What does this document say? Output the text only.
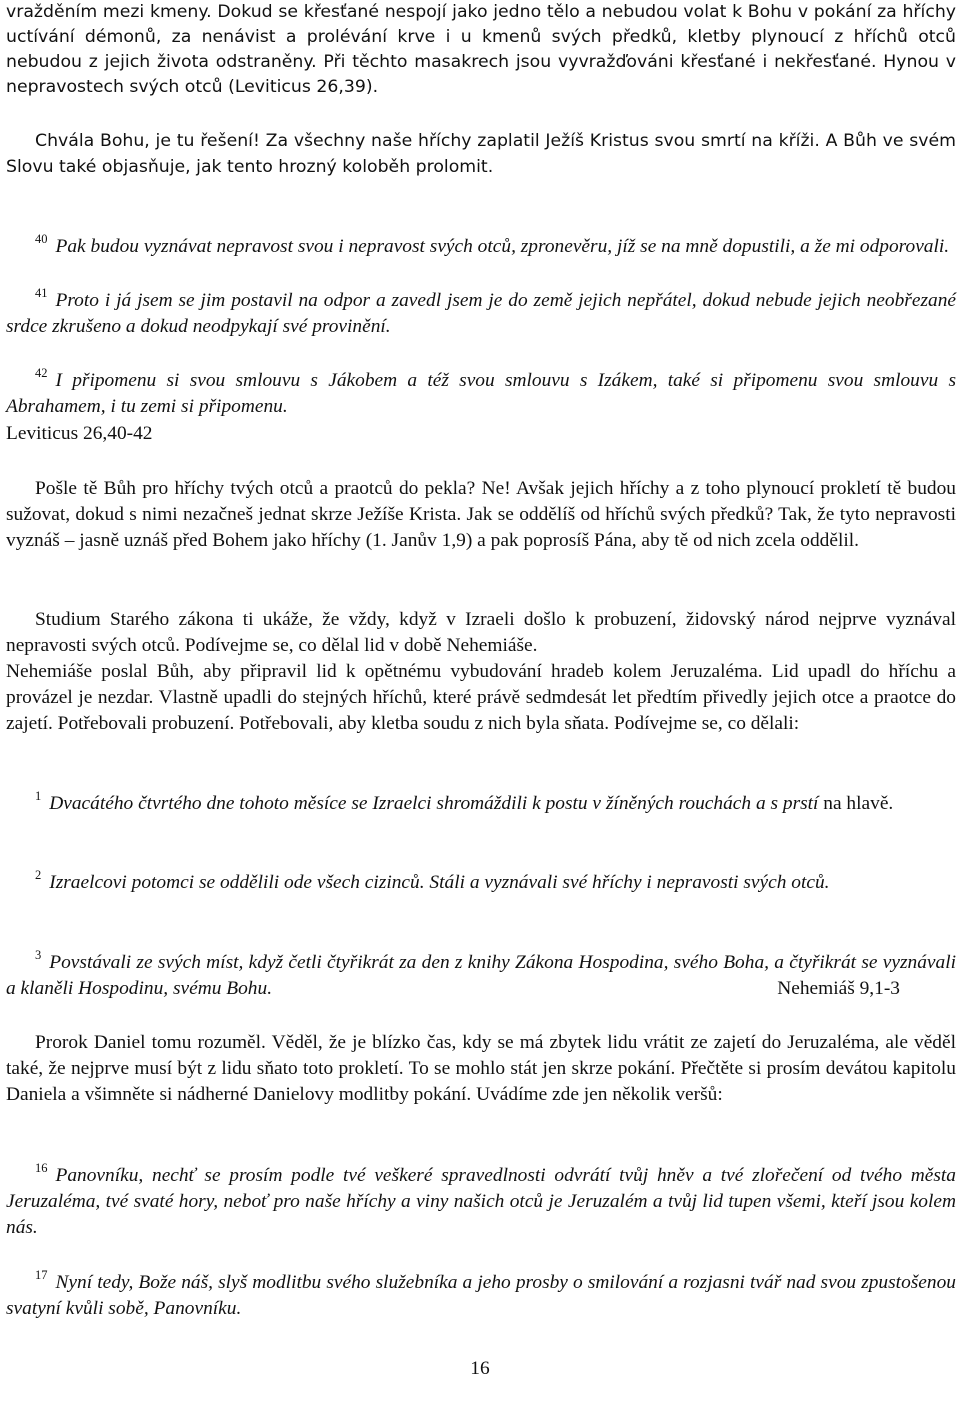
vražděním mezi kmeny. Dokud se křesťané nespojí jako jedno tělo a nebudou volat k Bohu v pokání za hříchy uctívání démonů, za nenávist a prolévání krve i u kmenů svých předků, kletby plynoucí z hříchů otců nebudou z jejich života odstraněny. Při těchto masakrech jsou vyvražďováni křesťané i nekřesťané. Hynou v nepravostech svých otců (Leviticus 26,39).

Chvála Bohu, je tu řešení! Za všechny naše hříchy zaplatil Ježíš Kristus svou smrtí na kříži. A Bůh ve svém Slovu také objasňuje, jak tento hrozný koloběh prolomit.

$^{40}$ Pak budou vyznávat nepravost svou i nepravost svých otců, zpronevěru, jíž se na mně dopustili, a že mi odporovali.

$^{41}$ Proto i já jsem se jim postavil na odpor a zavedl jsem je do země jejich nepřátel, dokud nebude jejich neobřezané srdce zkrušeno a dokud neodpykají své provinění.

$^{42}$ I připomenu si svou smlouvu s Jákobem a též svou smlouvu s Izákem, také si připomenu svou smlouvu s Abrahamem, i tu zemi si připomenu.

Leviticus 26,40-42

Pošle tě Bůh pro hříchy tvých otců a praotců do pekla? Ne! Avšak jejich hříchy a z toho plynoucí prokletí tě budou sužovat, dokud s nimi nezačneš jednat skrze Ježíše Krista. Jak se oddělíš od hříchů svých předků? Tak, že tyto nepravosti vyznáš – jasně uznáš před Bohem jako hříchy (1. Janův 1,9) a pak poprosíš Pána, aby tě od nich zcela oddělil.

Studium Starého zákona ti ukáže, že vždy, když v Izraeli došlo k probuzení, židovský národ nejprve vyznával nepravosti svých otců. Podívejme se, co dělal lid v době Nehemiáše.

Nehemiáše poslal Bůh, aby připravil lid k opětnému vybudování hradeb kolem Jeruzaléma. Lid upadl do hříchu a provázel je nezdar. Vlastně upadli do stejných hříchů, které právě sedmdesát let předtím přivedly jejich otce a praotce do zajetí. Potřebovali probuzení. Potřebovali, aby kletba soudu z nich byla sňata. Podívejme se, co dělali:

$^1$ Dvacátého čtvrtého dne tohoto měsíce se Izraelci shromáždili k postu v žíněných rouchách a s prstí na hlavě.

$^2$ Izraelcovi potomci se oddělili ode všech cizinců. Stáli a vyznávali své hříchy i nepravosti svých otců.

$^3$ Povstávali ze svých míst, když četli čtyřikrát za den z knihy Zákona Hospodina, svého Boha, a čtyřikrát se vyznávali a klaněli Hospodinu, svému Bohu.	Nehemiáš 9,1-3

Prorok Daniel tomu rozuměl. Věděl, že je blízko čas, kdy se má zbytek lidu vrátit ze zajetí do Jeruzaléma, ale věděl také, že nejprve musí být z lidu sňato toto prokletí. To se mohlo stát jen skrze pokání. Přečtěte si prosím devátou kapitolu Daniela a všimněte si nádherné Danielovy modlitby pokání. Uvádíme zde jen několik veršů:

$^{16}$ Panovníku, nechť se prosím podle tvé veškeré spravedlnosti odvrátí tvůj hněv a tvé zlořečení od tvého města Jeruzaléma, tvé svaté hory, neboť pro naše hříchy a viny našich otců je Jeruzalém a tvůj lid tupen všemi, kteří jsou kolem nás.

$^{17}$ Nyní tedy, Bože náš, slyš modlitbu svého služebníka a jeho prosby o smilování a rozjasni tvář nad svou zpustošenou svatyní kvůli sobě, Panovníku.

16
